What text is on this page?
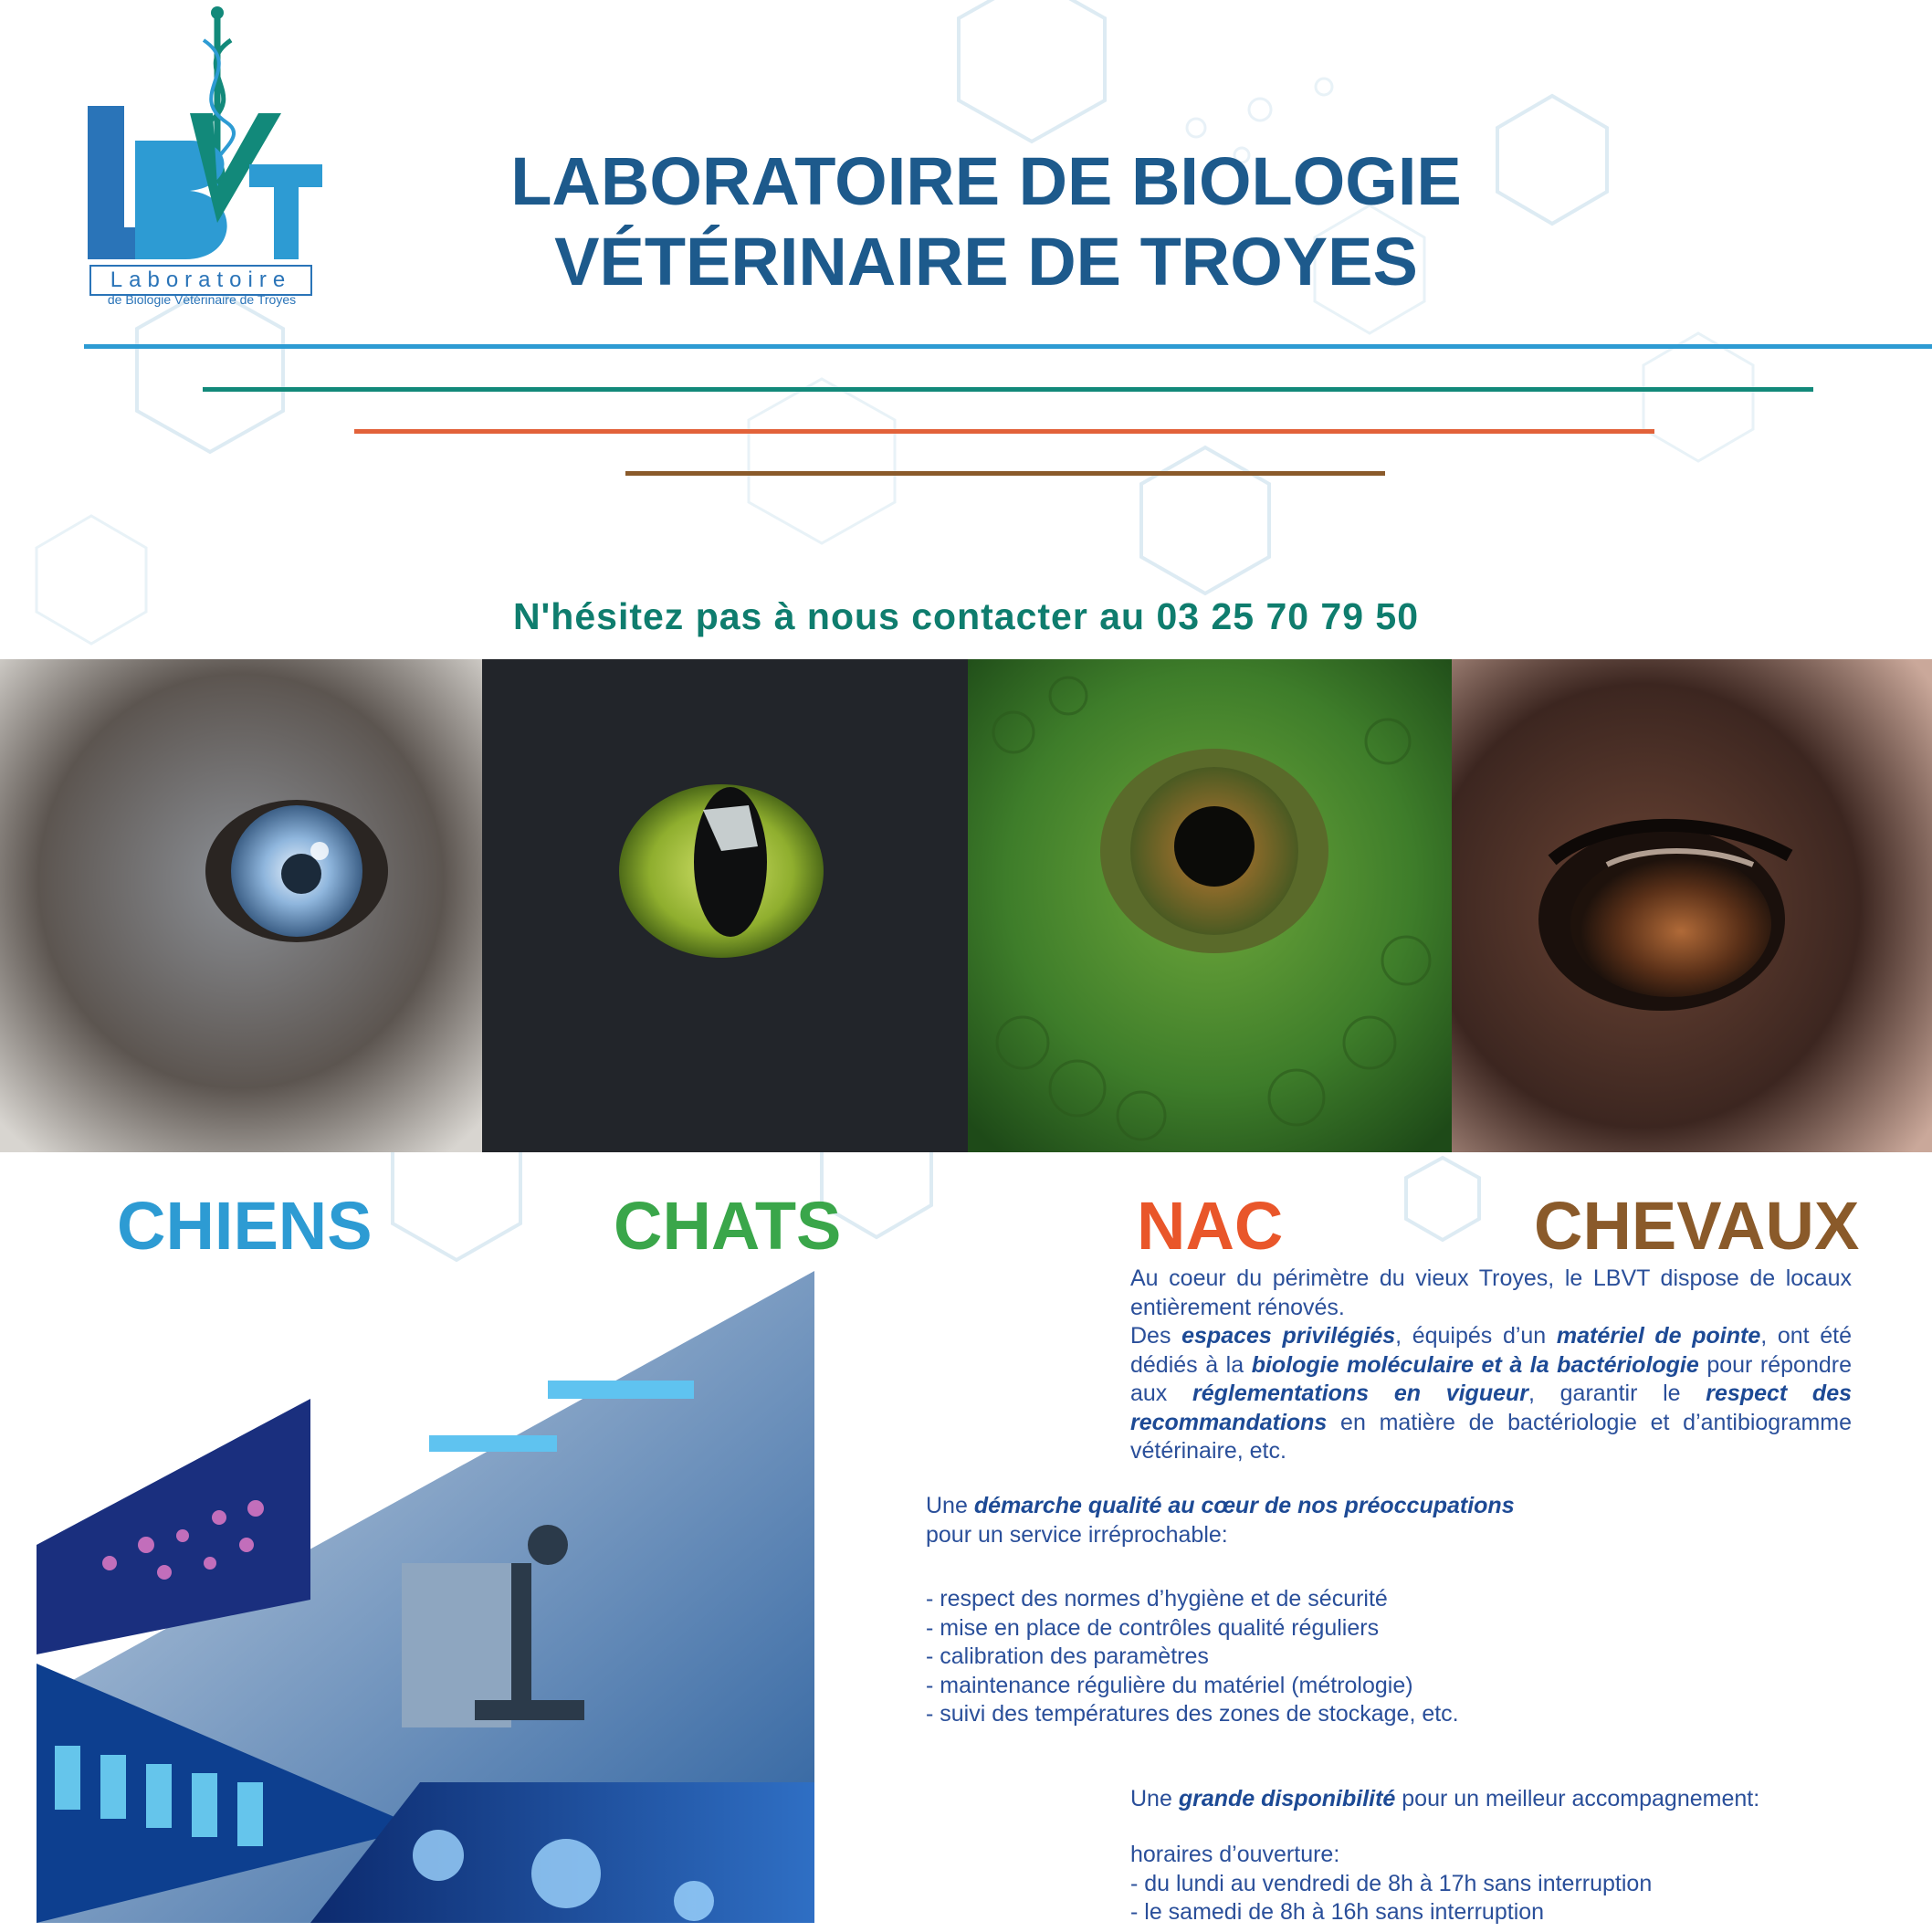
Laboratoire
de Biologie Vétérinaire de Troyes
LABORATOIRE DE BIOLOGIE
VÉTÉRINAIRE DE TROYES
N'hésitez pas à nous contacter au 03 25 70 79 50
CHIENS	CHATS	NAC	CHEVAUX
Au coeur du périmètre du vieux Troyes, le LBVT dispose de locaux entièrement rénovés.
Des espaces privilégiés, équipés d’un matériel de pointe, ont été dédiés à la biologie moléculaire et à la bactériologie pour répondre aux réglementations en vigueur, garantir le respect des recommandations en matière de bactériologie et d’antibiogramme vétérinaire, etc.
Une démarche qualité au cœur de nos préoccupations
pour un service irréprochable:
- respect des normes d’hygiène et de sécurité
- mise en place de contrôles qualité réguliers
- calibration des paramètres
- maintenance régulière du matériel (métrologie)
- suivi des températures des zones de stockage, etc.
Une grande disponibilité pour un meilleur accompagnement:
horaires d’ouverture:
- du lundi au vendredi de 8h à 17h sans interruption
- le samedi de 8h à 16h sans interruption
